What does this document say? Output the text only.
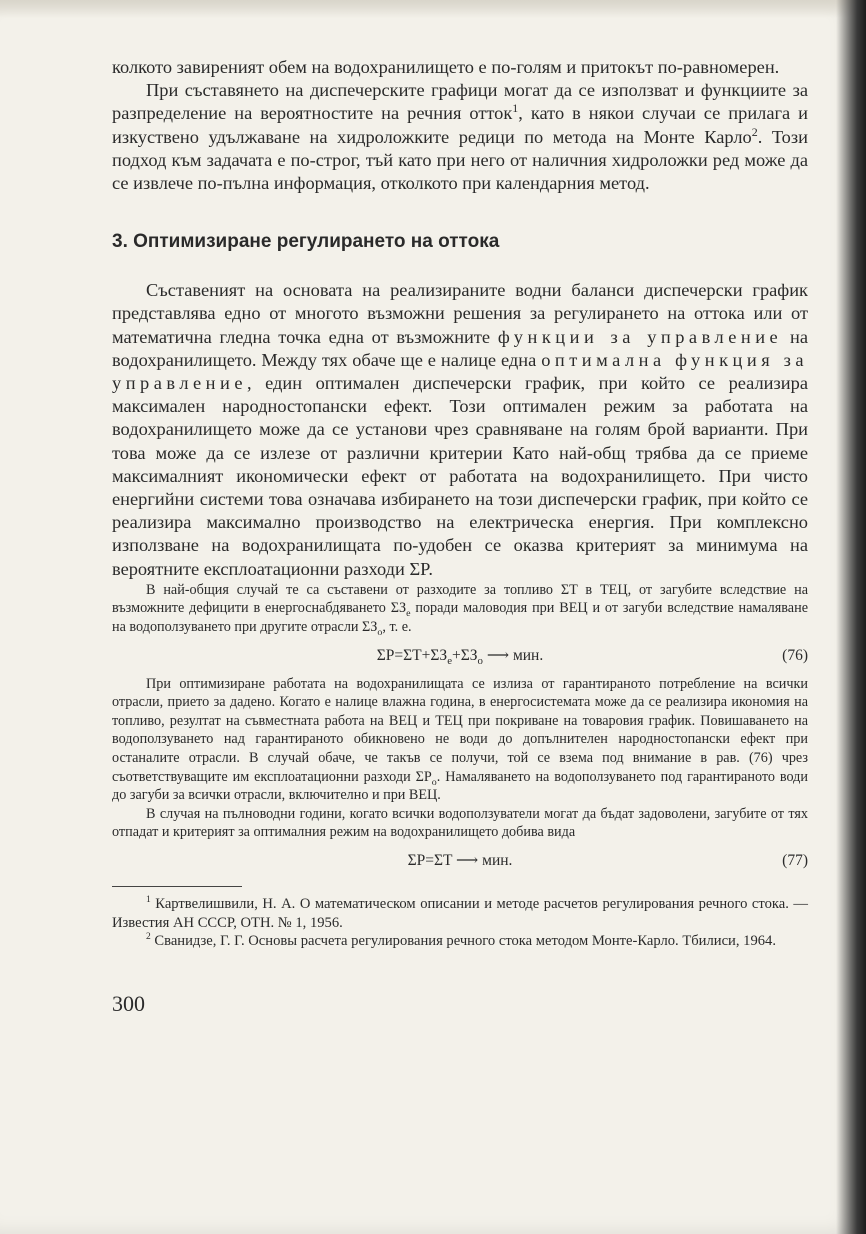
колкото завиреният обем на водохранилището е по-голям и притокът по-равномерен.

При съставянето на диспечерските графици могат да се използват и функциите за разпределение на вероятностите на речния отток$^1$, като в някои случаи се прилага и изкуствено удължаване на хидроложките редици по метода на Монте Карло$^2$. Този подход към задачата е по-строг, тъй като при него от наличния хидроложки ред може да се извлече по-пълна информация, отколкото при календарния метод.

3. Оптимизиране регулирането на оттока

Съставеният на основата на реализираните водни баланси диспечерски график представлява едно от многото възможни решения за регулирането на оттока или от математична гледна точка една от възможните функции за управление на водохранилището. Между тях обаче ще е налице една оптимална функция за управление, един оптимален диспечерски график, при който се реализира максимален народностопански ефект. Този оптимален режим за работата на водохранилището може да се установи чрез сравняване на голям брой варианти. При това може да се излезе от различни критерии Като най-общ трябва да се приеме максималният икономически ефект от работата на водохранилището. При чисто енергийни системи това означава избирането на този диспечерски график, при който се реализира максимално производство на електрическа енергия. При комплексно използване на водохранилищата по-удобен се оказва критерият за минимума на вероятните експлоатационни разходи ΣP.

В най-общия случай те са съставени от разходите за топливо ΣT в ТЕЦ, от загубите вследствие на възможните дефицити в енергоснабдяването $\Sigma З_е$ поради маловодия при ВЕЦ и от загуби вследствие намаляване на водоползуването при другите отрасли $\Sigma З_о$, т. е.

$\Sigma P=\Sigma T+\Sigma З_е+\Sigma З_о$ ⟶ мин.	(76)

При оптимизиране работата на водохранилищата се излиза от гарантираното потребление на всички отрасли, прието за дадено. Когато е налице влажна година, в енергосистемата може да се реализира икономия на топливо, резултат на съвместната работа на ВЕЦ и ТЕЦ при покриване на товаровия график. Повишаването на водоползуването над гарантираното обикновено не води до допълнителен народностопански ефект при останалите отрасли. В случай обаче, че такъв се получи, той се взема под внимание в рав. (76) чрез съответствуващите им експлоатационни разходи $\Sigma P_о$. Намаляването на водоползуването под гарантираното води до загуби за всички отрасли, включително и при ВЕЦ.

В случая на пълноводни години, когато всички водоползуватели могат да бъдат задоволени, загубите от тях отпадат и критерият за оптималния режим на водохранилището добива вида

ΣP=ΣT ⟶ мин.	(77)

$^1$ Картвелишвили, Н. А. О математическом описании и методе расчетов регулирования речного стока. — Известия АН СССР, ОТН. № 1, 1956.

$^2$ Сванидзе, Г. Г. Основы расчета регулирования речного стока методом Монте-Карло. Тбилиси, 1964.

300
